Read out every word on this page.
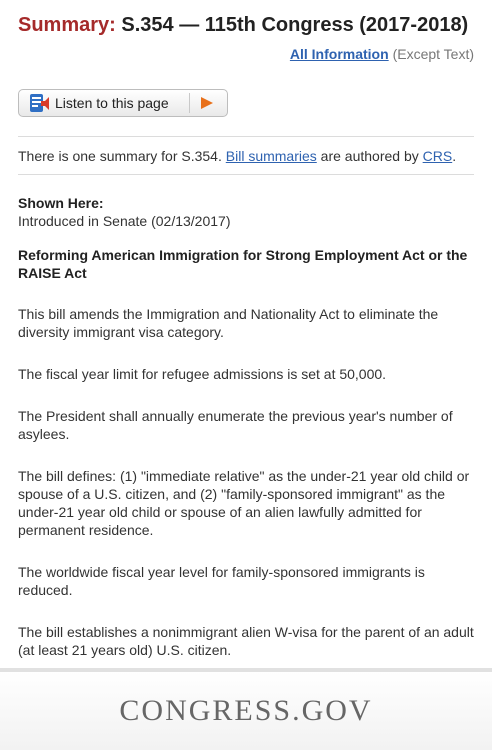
Summary: S.354 — 115th Congress (2017-2018)
All Information (Except Text)
Listen to this page
There is one summary for S.354. Bill summaries are authored by CRS.
Shown Here:
Introduced in Senate (02/13/2017)
Reforming American Immigration for Strong Employment Act or the RAISE Act

This bill amends the Immigration and Nationality Act to eliminate the diversity immigrant visa category.

The fiscal year limit for refugee admissions is set at 50,000.

The President shall annually enumerate the previous year's number of asylees.

The bill defines: (1) "immediate relative" as the under-21 year old child or spouse of a U.S. citizen, and (2) "family-sponsored immigrant" as the under-21 year old child or spouse of an alien lawfully admitted for permanent residence.

The worldwide fiscal year level for family-sponsored immigrants is reduced.

The bill establishes a nonimmigrant alien W-visa for the parent of an adult (at least 21 years old) U.S. citizen.

CONGRESS.GOV
